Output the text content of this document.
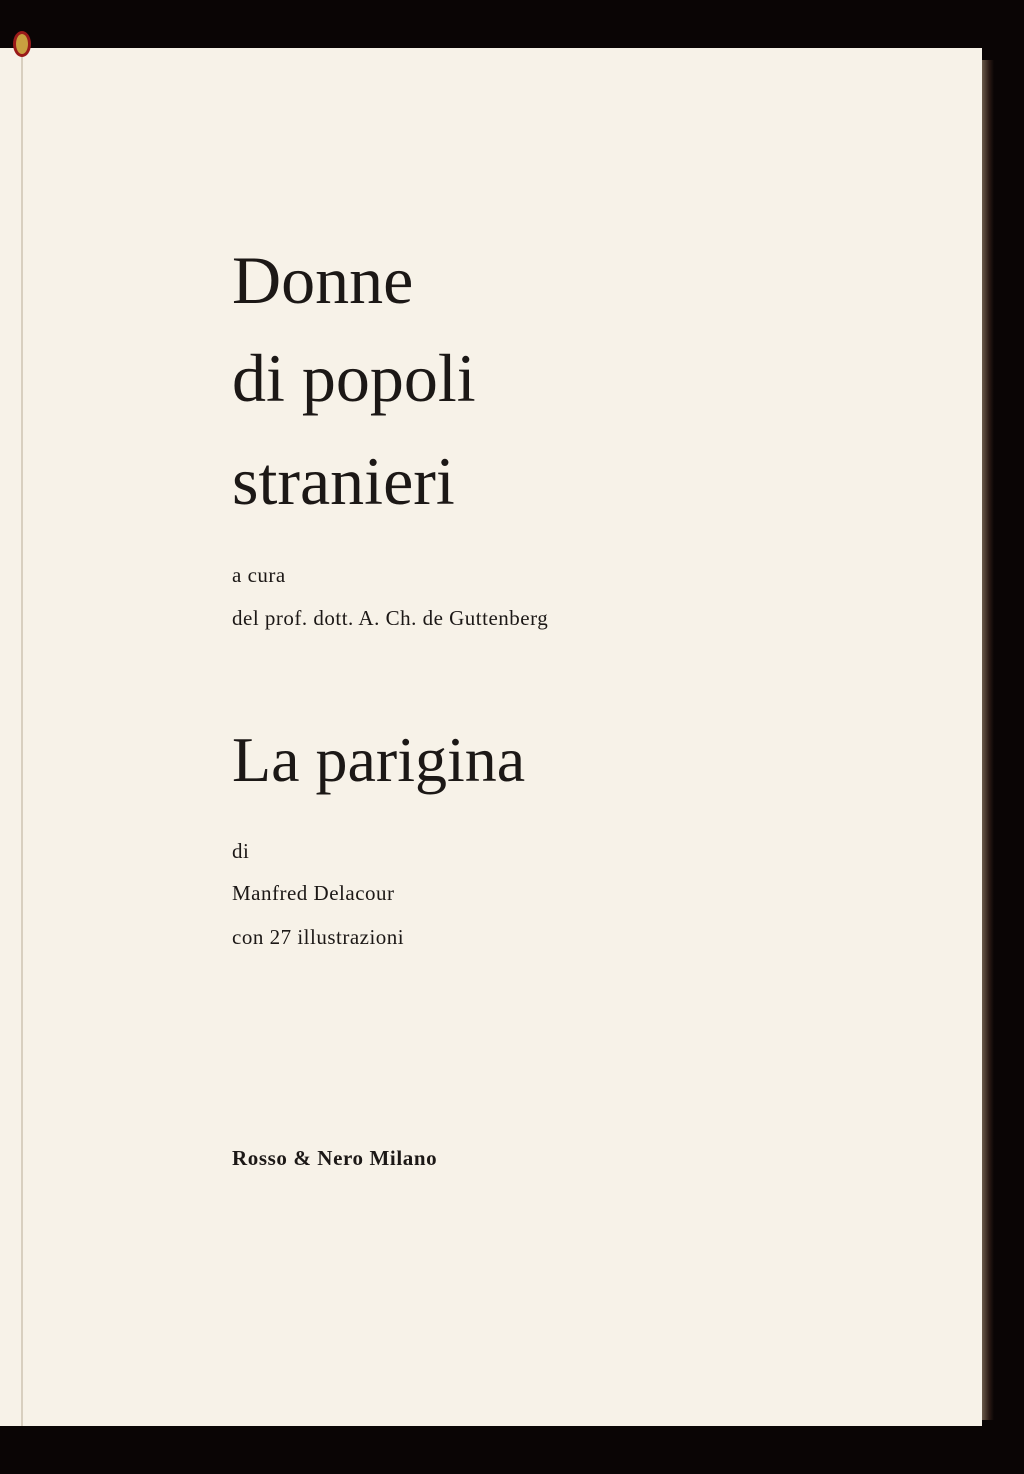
Donne
di popoli
stranieri
a cura
del prof. dott. A. Ch. de Guttenberg
La parigina
di
Manfred Delacour
con 27 illustrazioni
Rosso & Nero Milano
